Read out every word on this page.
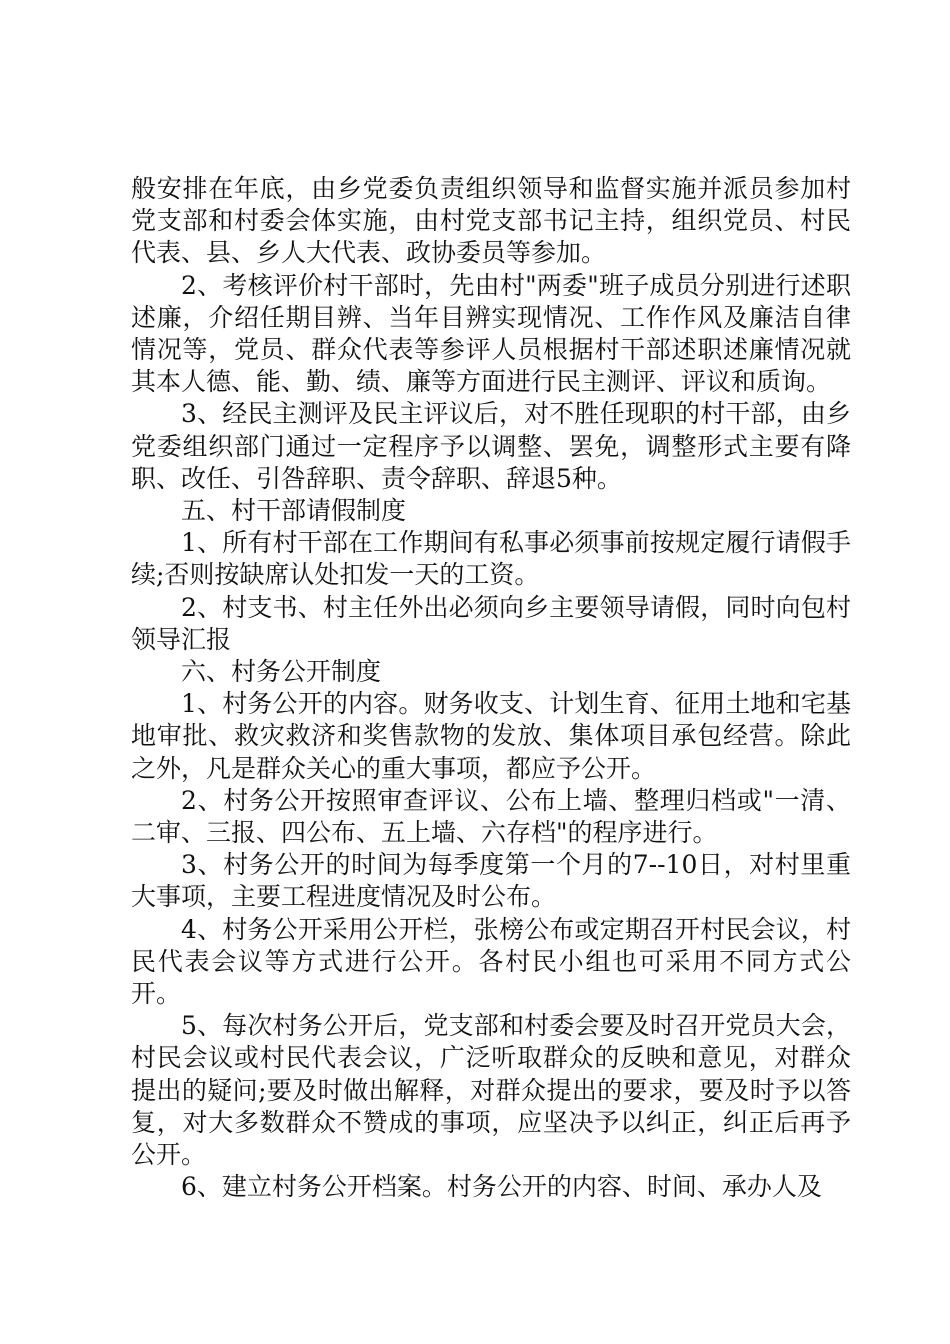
般安排在年底，由乡党委负责组织领导和监督实施并派员参加村党支部和村委会体实施，由村党支部书记主持，组织党员、村民代表、县、乡人大代表、政协委员等参加。

2、考核评价村干部时，先由村"两委"班子成员分别进行述职述廉，介绍任期目辨、当年目辨实现情况、工作作风及廉洁自律情况等，党员、群众代表等参评人员根据村干部述职述廉情况就其本人德、能、勤、绩、廉等方面进行民主测评、评议和质询。

3、经民主测评及民主评议后，对不胜任现职的村干部，由乡党委组织部门通过一定程序予以调整、罢免，调整形式主要有降职、改任、引咎辞职、责令辞职、辞退5种。

五、村干部请假制度

1、所有村干部在工作期间有私事必须事前按规定履行请假手续;否则按缺席认处扣发一天的工资。

2、村支书、村主任外出必须向乡主要领导请假，同时向包村领导汇报

六、村务公开制度

1、村务公开的内容。财务收支、计划生育、征用土地和宅基地审批、救灾救济和奖售款物的发放、集体项目承包经营。除此之外，凡是群众关心的重大事项，都应予公开。

2、村务公开按照审查评议、公布上墙、整理归档或"一清、二审、三报、四公布、五上墙、六存档"的程序进行。

3、村务公开的时间为每季度第一个月的7--10日，对村里重大事项，主要工程进度情况及时公布。

4、村务公开采用公开栏，张榜公布或定期召开村民会议，村民代表会议等方式进行公开。各村民小组也可采用不同方式公开。

5、每次村务公开后，党支部和村委会要及时召开党员大会，村民会议或村民代表会议，广泛听取群众的反映和意见，对群众提出的疑问;要及时做出解释，对群众提出的要求，要及时予以答复，对大多数群众不赞成的事项，应坚决予以纠正，纠正后再予公开。

6、建立村务公开档案。村务公开的内容、时间、承办人及
